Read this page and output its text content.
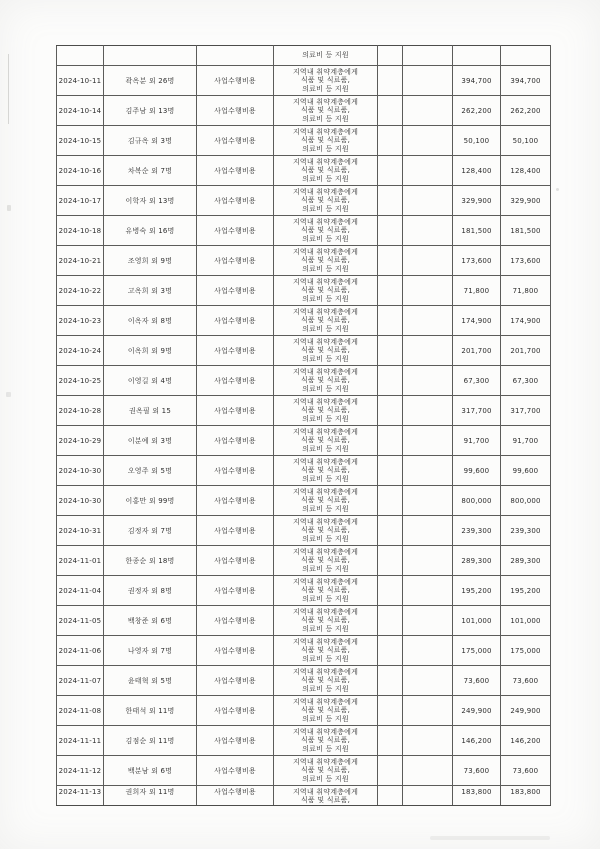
			의료비 등 지원				

2024-10-11	곽옥분 외 26명	사업수행비용	지역내 취약계층에게
식품 및 식료품,
의료비 등 지원			394,700	394,700
2024-10-14	김주남 외 13명	사업수행비용	지역내 취약계층에게
식품 및 식료품,
의료비 등 지원			262,200	262,200
2024-10-15	김규옥 외 3명	사업수행비용	지역내 취약계층에게
식품 및 식료품,
의료비 등 지원			50,100	50,100
2024-10-16	차복순 외 7명	사업수행비용	지역내 취약계층에게
식품 및 식료품,
의료비 등 지원			128,400	128,400
2024-10-17	이학자 외 13명	사업수행비용	지역내 취약계층에게
식품 및 식료품,
의료비 등 지원			329,900	329,900
2024-10-18	유병숙 외 16명	사업수행비용	지역내 취약계층에게
식품 및 식료품,
의료비 등 지원			181,500	181,500
2024-10-21	조영희 외 9명	사업수행비용	지역내 취약계층에게
식품 및 식료품,
의료비 등 지원			173,600	173,600
2024-10-22	고옥희 외 3명	사업수행비용	지역내 취약계층에게
식품 및 식료품,
의료비 등 지원			71,800	71,800
2024-10-23	이옥자 외 8명	사업수행비용	지역내 취약계층에게
식품 및 식료품,
의료비 등 지원			174,900	174,900
2024-10-24	이옥희 외 9명	사업수행비용	지역내 취약계층에게
식품 및 식료품,
의료비 등 지원			201,700	201,700
2024-10-25	이영길 외 4명	사업수행비용	지역내 취약계층에게
식품 및 식료품,
의료비 등 지원			67,300	67,300
2024-10-28	권옥필 외 15	사업수행비용	지역내 취약계층에게
식품 및 식료품,
의료비 등 지원			317,700	317,700
2024-10-29	이분예 외 3명	사업수행비용	지역내 취약계층에게
식품 및 식료품,
의료비 등 지원			91,700	91,700
2024-10-30	오영주 외 5명	사업수행비용	지역내 취약계층에게
식품 및 식료품,
의료비 등 지원			99,600	99,600
2024-10-30	이홍만 외 99명	사업수행비용	지역내 취약계층에게
식품 및 식료품,
의료비 등 지원			800,000	800,000
2024-10-31	김정자 외 7명	사업수행비용	지역내 취약계층에게
식품 및 식료품,
의료비 등 지원			239,300	239,300
2024-11-01	한종순 외 18명	사업수행비용	지역내 취약계층에게
식품 및 식료품,
의료비 등 지원			289,300	289,300
2024-11-04	권정자 외 8명	사업수행비용	지역내 취약계층에게
식품 및 식료품,
의료비 등 지원			195,200	195,200
2024-11-05	백창준 외 6명	사업수행비용	지역내 취약계층에게
식품 및 식료품,
의료비 등 지원			101,000	101,000
2024-11-06	나영자 외 7명	사업수행비용	지역내 취약계층에게
식품 및 식료품,
의료비 등 지원			175,000	175,000
2024-11-07	윤태혁 외 5명	사업수행비용	지역내 취약계층에게
식품 및 식료품,
의료비 등 지원			73,600	73,600
2024-11-08	한태석 외 11명	사업수행비용	지역내 취약계층에게
식품 및 식료품,
의료비 등 지원			249,900	249,900
2024-11-11	김점순 외 11명	사업수행비용	지역내 취약계층에게
식품 및 식료품,
의료비 등 지원			146,200	146,200
2024-11-12	백분남 외 6명	사업수행비용	지역내 취약계층에게
식품 및 식료품,
의료비 등 지원			73,600	73,600
2024-11-13	권희자 외 11명	사업수행비용	지역내 취약계층에게
식품 및 식료품,			183,800	183,800
